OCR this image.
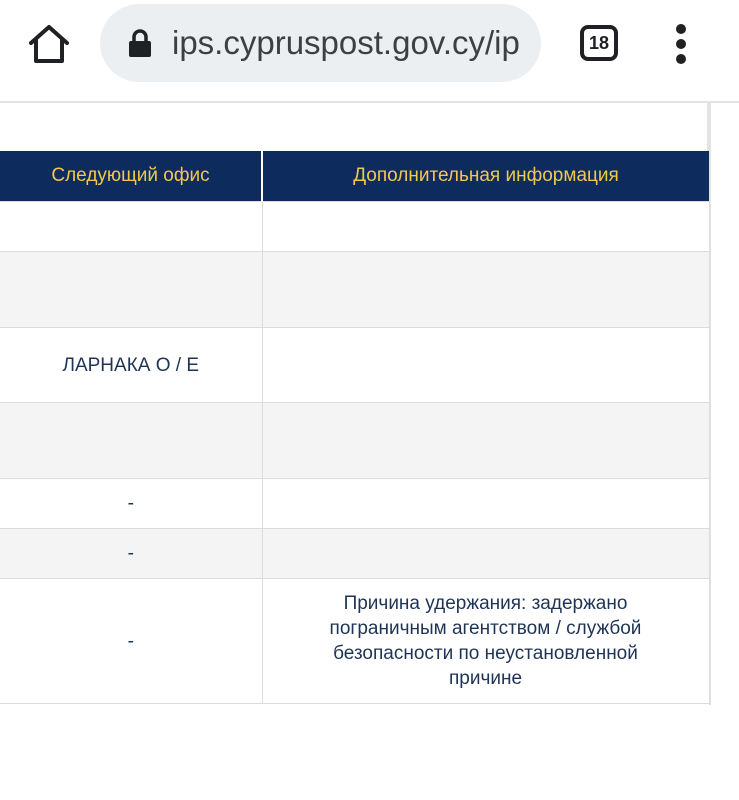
ips.cypruspost.gov.cy/ip	18
Следующий офис	Дополнительная информация

ЛАРНАКА О / Е	

-	
-	
-	Причина удержания: задержано пограничным агентством / службой безопасности по неустановленной причине
